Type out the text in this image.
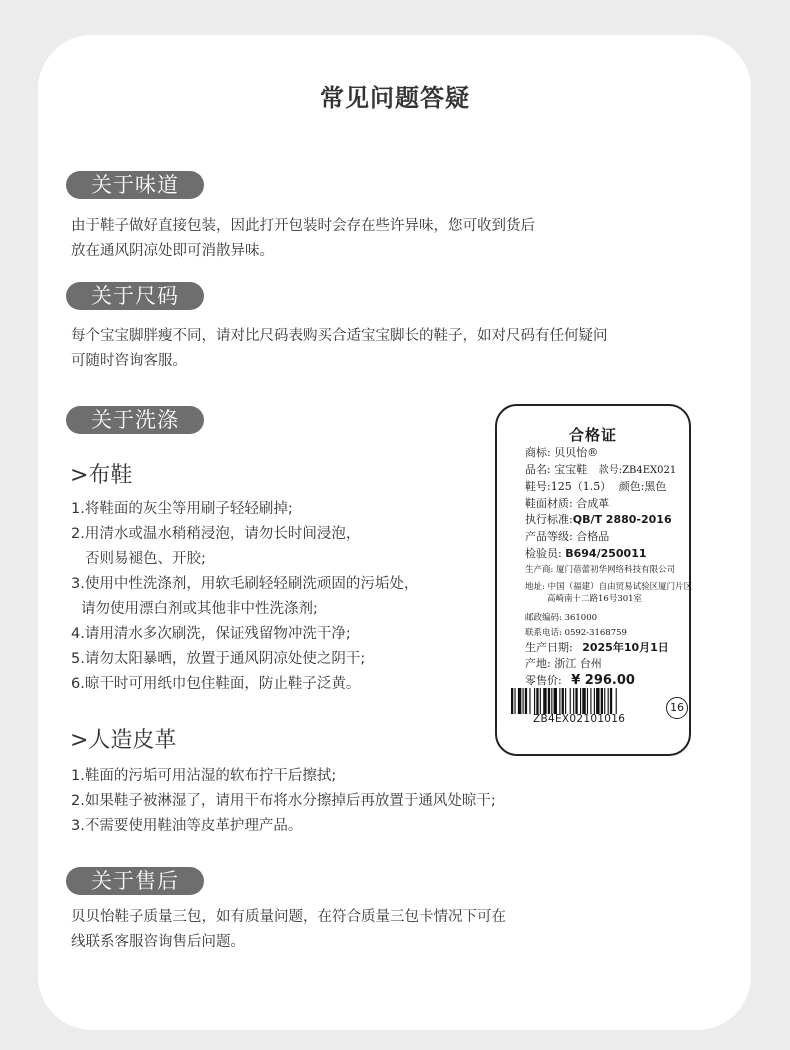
常见问题答疑
关于味道
由于鞋子做好直接包装，因此打开包装时会存在些许异味，您可收到货后
放在通风阴凉处即可消散异味。
关于尺码
每个宝宝脚胖瘦不同，请对比尺码表购买合适宝宝脚长的鞋子，如对尺码有任何疑问
可随时咨询客服。
关于洗涤
>布鞋
1.将鞋面的灰尘等用刷子轻轻刷掉;
2.用清水或温水稍稍浸泡，请勿长时间浸泡，
否则易褪色、开胶;
3.使用中性洗涤剂，用软毛刷轻轻刷洗顽固的污垢处，
请勿使用漂白剂或其他非中性洗涤剂;
4.请用清水多次刷洗，保证残留物冲洗干净;
5.请勿太阳暴晒，放置于通风阴凉处使之阴干;
6.晾干时可用纸巾包住鞋面，防止鞋子泛黄。
>人造皮革
1.鞋面的污垢可用沾湿的软布拧干后擦拭;
2.如果鞋子被淋湿了，请用干布将水分擦掉后再放置于通风处晾干;
3.不需要使用鞋油等皮革护理产品。
关于售后
贝贝怡鞋子质量三包，如有质量问题，在符合质量三包卡情况下可在
线联系客服咨询售后问题。
合格证
商标: 贝贝怡®
品名: 宝宝鞋 款号:ZB4EX021
鞋号:125（1.5） 颜色:黑色
鞋面材质: 合成革
执行标准:QB/T 2880-2016
产品等级: 合格品
检验员: B694/250011
生产商: 厦门蓓蕾初华网络科技有限公司
地址: 中国（福建）自由贸易试验区厦门片区
高崎南十二路16号301室
邮政编码: 361000
联系电话: 0592-3168759
生产日期: 2025年10月1日
产地: 浙江 台州
零售价: ¥ 296.00
ZB4EX02101016
16
